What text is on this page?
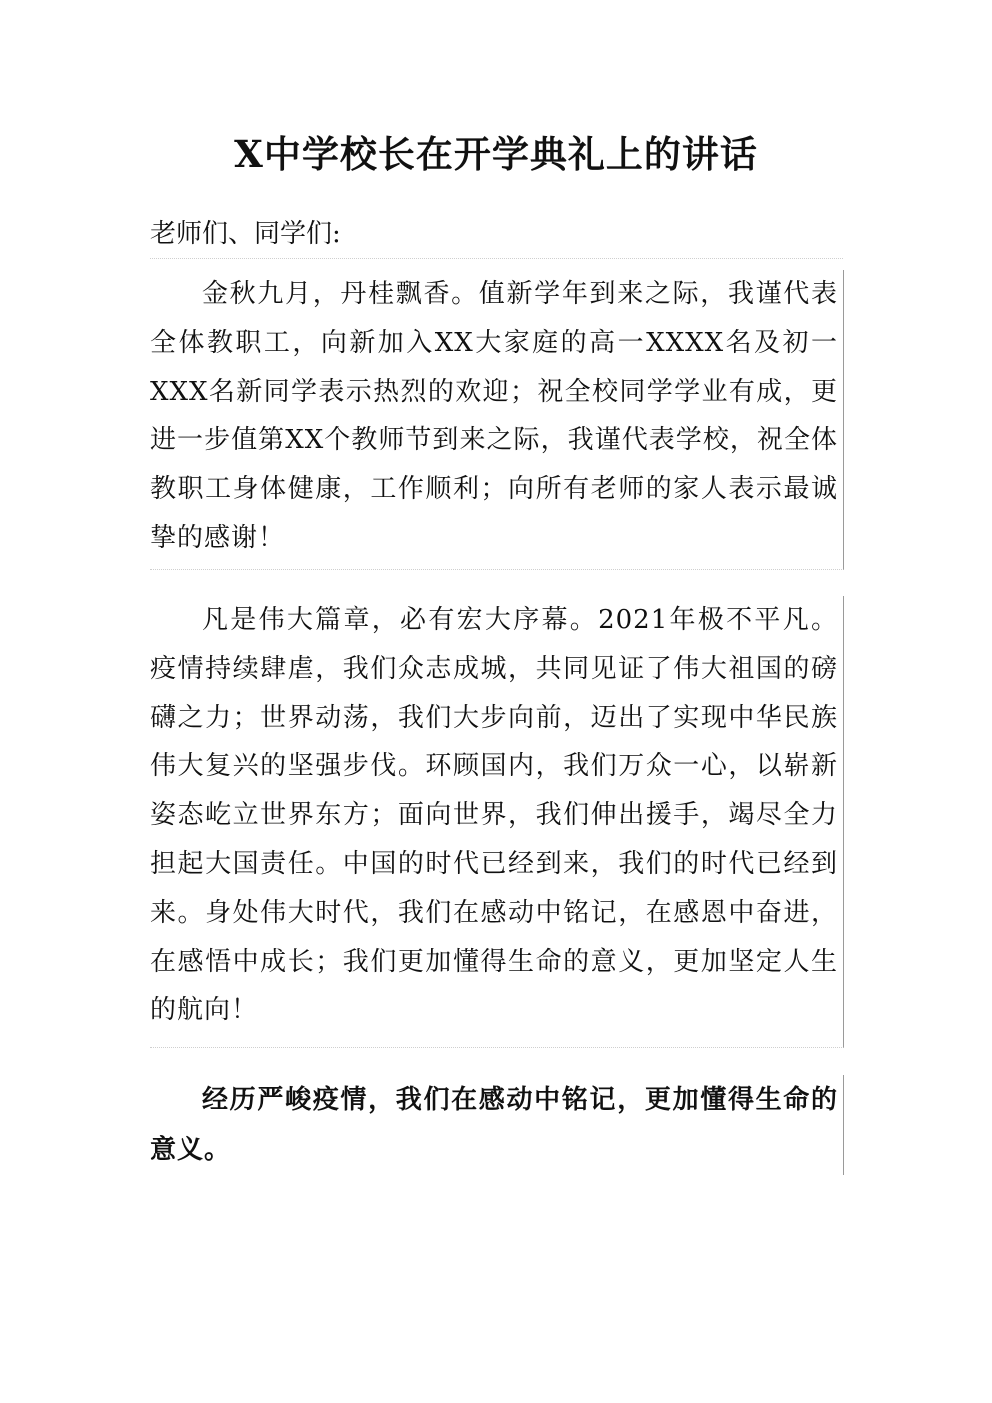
X中学校长在开学典礼上的讲话
老师们、同学们:
金秋九月，丹桂飘香。值新学年到来之际，我谨代表全体教职工，向新加入XX大家庭的高一XXXX名及初一XXX名新同学表示热烈的欢迎；祝全校同学学业有成，更进一步值第XX个教师节到来之际，我谨代表学校，祝全体教职工身体健康，工作顺利；向所有老师的家人表示最诚挚的感谢！
凡是伟大篇章，必有宏大序幕。2021年极不平凡。疫情持续肆虐，我们众志成城，共同见证了伟大祖国的磅礴之力；世界动荡，我们大步向前，迈出了实现中华民族伟大复兴的坚强步伐。环顾国内，我们万众一心，以崭新姿态屹立世界东方；面向世界，我们伸出援手，竭尽全力担起大国责任。中国的时代已经到来，我们的时代已经到来。身处伟大时代，我们在感动中铭记，在感恩中奋进，在感悟中成长；我们更加懂得生命的意义，更加坚定人生的航向！
经历严峻疫情，我们在感动中铭记，更加懂得生命的意义。
